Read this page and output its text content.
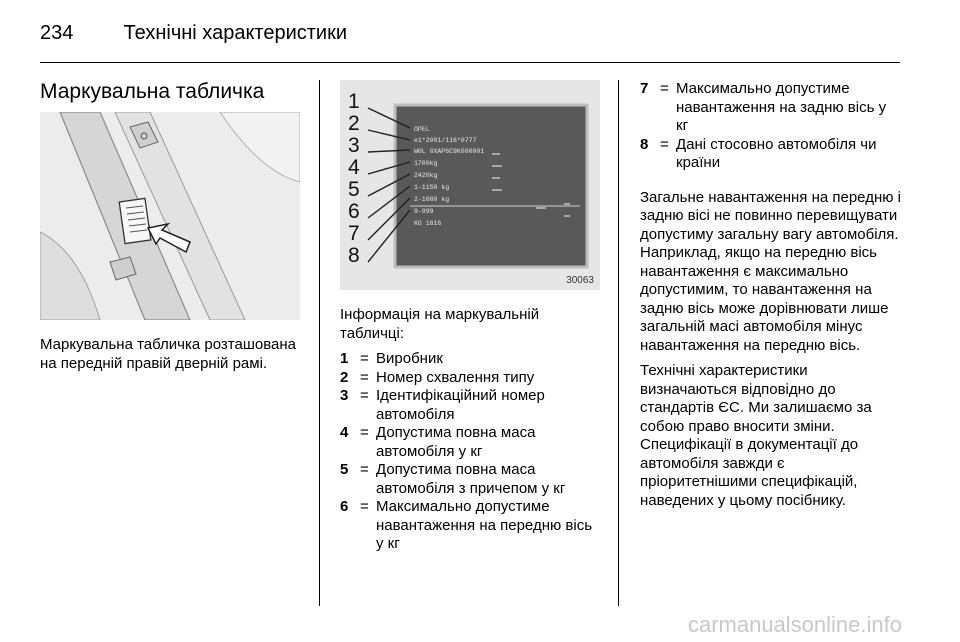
234	Технічні характеристики
Маркувальна табличка
Маркувальна табличка розташована на передній правій дверній рамі.
1
2
3
4
5
6
7
8
OPEL
e1*2001/116*0777
W0L 0XAP6C9K000001
1700kg
2420kg
1-1150 kg
2-1080 kg
9-999
KG 1616
30063

Інформація на маркувальній табличці:

1 = Виробник
2 = Номер схвалення типу
3 = Ідентифікаційний номер автомобіля
4 = Допустима повна маса автомобіля у кг
5 = Допустима повна маса автомобіля з причепом у кг
6 = Максимально допустиме навантаження на передню вісь у кг
7 = Максимально допустиме навантаження на задню вісь у кг
8 = Дані стосовно автомобіля чи країни

Загальне навантаження на передню і задню вісі не повинно перевищувати допустиму загальну вагу автомобіля. Наприклад, якщо на передню вісь навантаження є максимально допустимим, то навантаження на задню вісь може дорівнювати лише загальній масі автомобіля мінус навантаження на передню вісь.

Технічні характеристики визначаються відповідно до стандартів ЄС. Ми залишаємо за собою право вносити зміни. Специфікації в документації до автомобіля завжди є пріоритетнішими специфікацій, наведених у цьому посібнику.

carmanualsonline.info
